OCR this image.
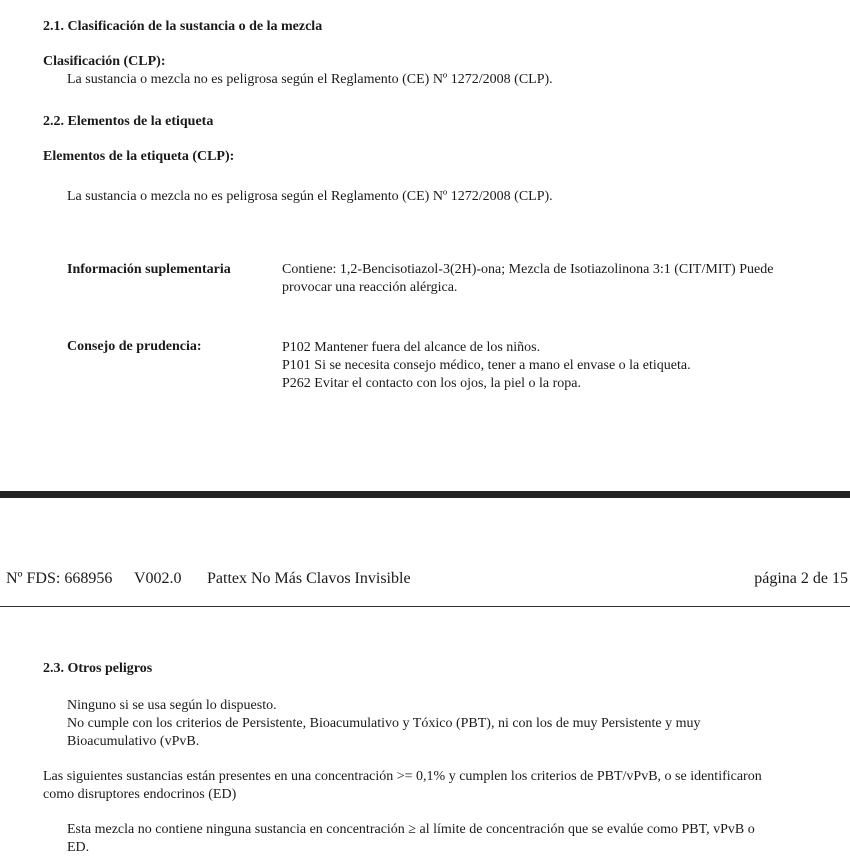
2.1. Clasificación de la sustancia o de la mezcla
Clasificación (CLP):
La sustancia o mezcla no es peligrosa según el Reglamento (CE) Nº 1272/2008 (CLP).
2.2. Elementos de la etiqueta
Elementos de la etiqueta (CLP):
La sustancia o mezcla no es peligrosa según el Reglamento (CE) Nº 1272/2008 (CLP).
Información suplementaria	Contiene: 1,2-Bencisotiazol-3(2H)-ona; Mezcla de Isotiazolinona 3:1 (CIT/MIT) Puede
provocar una reacción alérgica.
Consejo de prudencia:	P102 Mantener fuera del alcance de los niños.
P101 Si se necesita consejo médico, tener a mano el envase o la etiqueta.
P262 Evitar el contacto con los ojos, la piel o la ropa.
Nº FDS: 668956 V002.0 Pattex No Más Clavos Invisible	página 2 de 15
2.3. Otros peligros
Ninguno si se usa según lo dispuesto.
No cumple con los criterios de Persistente, Bioacumulativo y Tóxico (PBT), ni con los de muy Persistente y muy
Bioacumulativo (vPvB.
Las siguientes sustancias están presentes en una concentración >= 0,1% y cumplen los criterios de PBT/vPvB, o se identificaron
como disruptores endocrinos (ED)
Esta mezcla no contiene ninguna sustancia en concentración ≥ al límite de concentración que se evalúe como PBT, vPvB o
ED.
